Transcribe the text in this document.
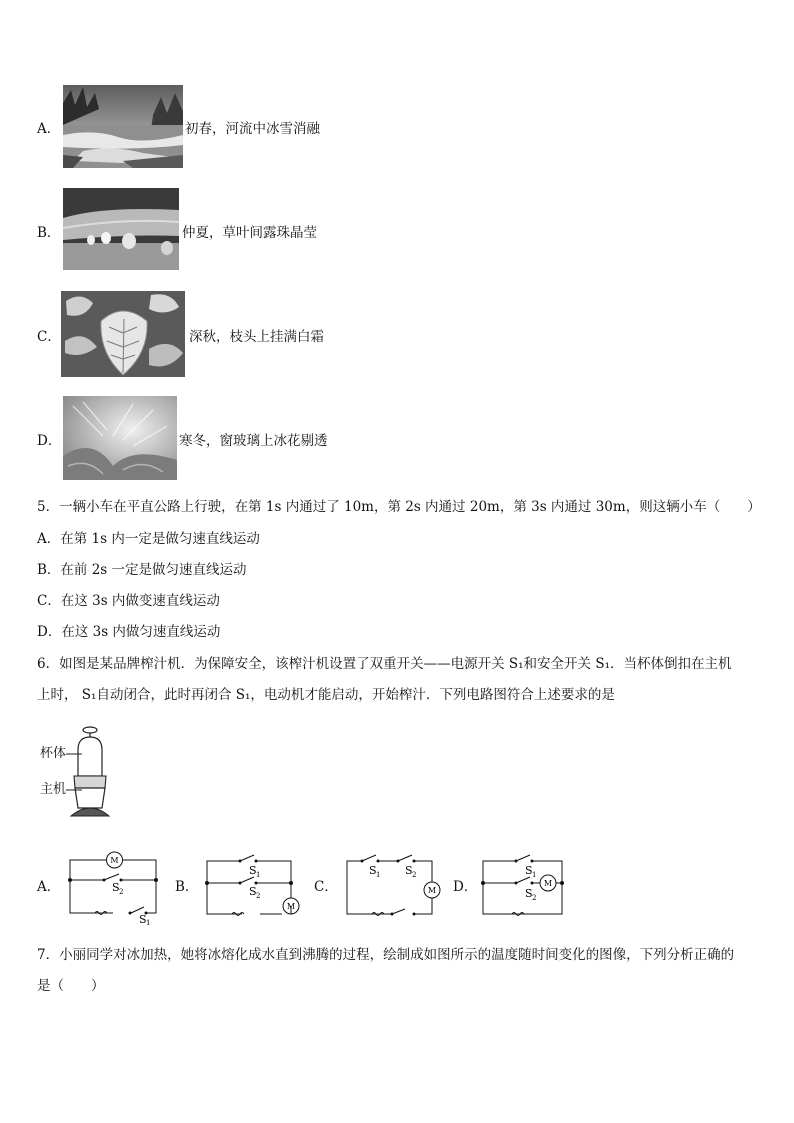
A．	初春，河流中冰雪消融
B．	仲夏，草叶间露珠晶莹
C．	深秋，枝头上挂满白霜
D．	寒冬，窗玻璃上冰花剔透
5．一辆小车在平直公路上行驶，在第 1s 内通过了 10m，第 2s 内通过 20m，第 3s 内通过 30m，则这辆小车（　　）
A．在第 1s 内一定是做匀速直线运动
B．在前 2s 一定是做匀速直线运动
C．在这 3s 内做变速直线运动
D．在这 3s 内做匀速直线运动
6．如图是某品牌榨汁机．为保障安全，该榨汁机设置了双重开关——电源开关 S₁和安全开关 S₁．当杯体倒扣在主机
上时， S₁自动闭合，此时再闭合 S₁，电动机才能启动，开始榨汁．下列电路图符合上述要求的是
杯体
主机
A．
M
S 2
S 1
B．
M
S 1
S 2
C．	M
S 1 S 2
D．	M
S 1
S 2
7．小丽同学对冰加热，她将冰熔化成水直到沸腾的过程，绘制成如图所示的温度随时间变化的图像，下列分析正确的
是（　　）
